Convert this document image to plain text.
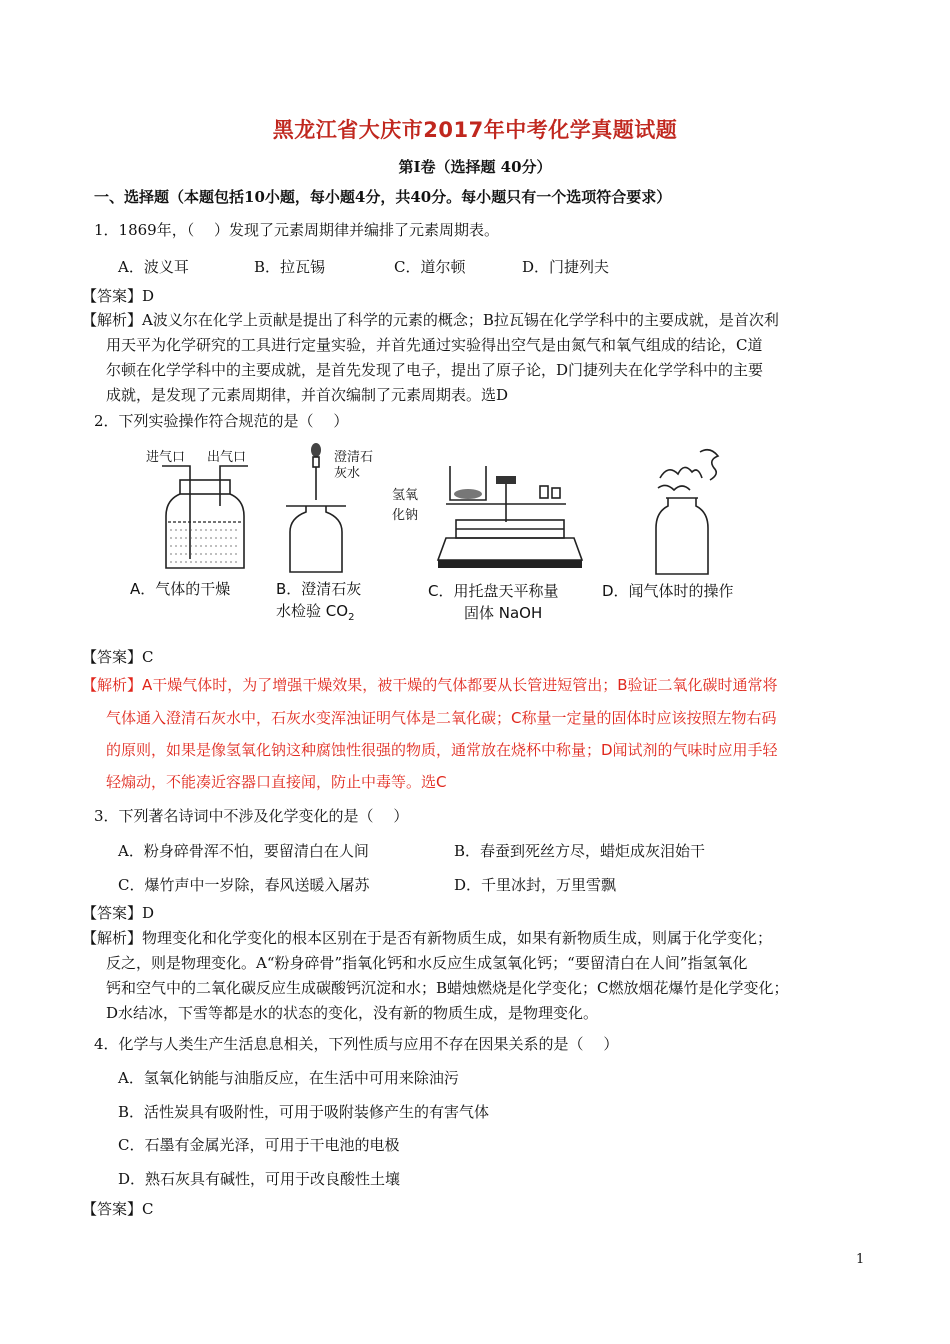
黑龙江省大庆市2017年中考化学真题试题
第Ⅰ卷（选择题 40分）
一、选择题（本题包括10小题，每小题4分，共40分。每小题只有一个选项符合要求）
1．1869年，（　 ）发现了元素周期律并编排了元素周期表。
A．波义耳	B．拉瓦锡	C．道尔顿	D．门捷列夫
【答案】D
【解析】A波义尔在化学上贡献是提出了科学的元素的概念；B拉瓦锡在化学学科中的主要成就，是首次利
用天平为化学研究的工具进行定量实验，并首先通过实验得出空气是由氮气和氧气组成的结论，C道
尔顿在化学学科中的主要成就，是首先发现了电子，提出了原子论，D门捷列夫在化学学科中的主要
成就，是发现了元素周期律，并首次编制了元素周期表。选D
2．下列实验操作符合规范的是（　 ）
进气口 出气口
A．气体的干燥
澄清石
灰水
B．澄清石灰
水检验 $CO_2$
氢氧
化钠
C．用托盘天平称量
固体 NaOH
D．闻气体时的操作
【答案】C
【解析】A干燥气体时，为了增强干燥效果，被干燥的气体都要从长管进短管出；B验证二氧化碳时通常将
气体通入澄清石灰水中，石灰水变浑浊证明气体是二氧化碳；C称量一定量的固体时应该按照左物右码
的原则，如果是像氢氧化钠这种腐蚀性很强的物质，通常放在烧杯中称量；D闻试剂的气味时应用手轻
轻煽动，不能凑近容器口直接闻，防止中毒等。选C
3．下列著名诗词中不涉及化学变化的是（　 ）
A．粉身碎骨浑不怕，要留清白在人间	B．春蚕到死丝方尽，蜡炬成灰泪始干
C．爆竹声中一岁除，春风送暖入屠苏	D．千里冰封，万里雪飘
【答案】D
【解析】物理变化和化学变化的根本区别在于是否有新物质生成，如果有新物质生成，则属于化学变化；
反之，则是物理变化。A“粉身碎骨”指氧化钙和水反应生成氢氧化钙；“要留清白在人间”指氢氧化
钙和空气中的二氧化碳反应生成碳酸钙沉淀和水；B蜡烛燃烧是化学变化；C燃放烟花爆竹是化学变化；
D水结冰，下雪等都是水的状态的变化，没有新的物质生成，是物理变化。
4．化学与人类生产生活息息相关，下列性质与应用不存在因果关系的是（　 ）
A．氢氧化钠能与油脂反应，在生活中可用来除油污
B．活性炭具有吸附性，可用于吸附装修产生的有害气体
C．石墨有金属光泽，可用于干电池的电极
D．熟石灰具有碱性，可用于改良酸性土壤
【答案】C
1
